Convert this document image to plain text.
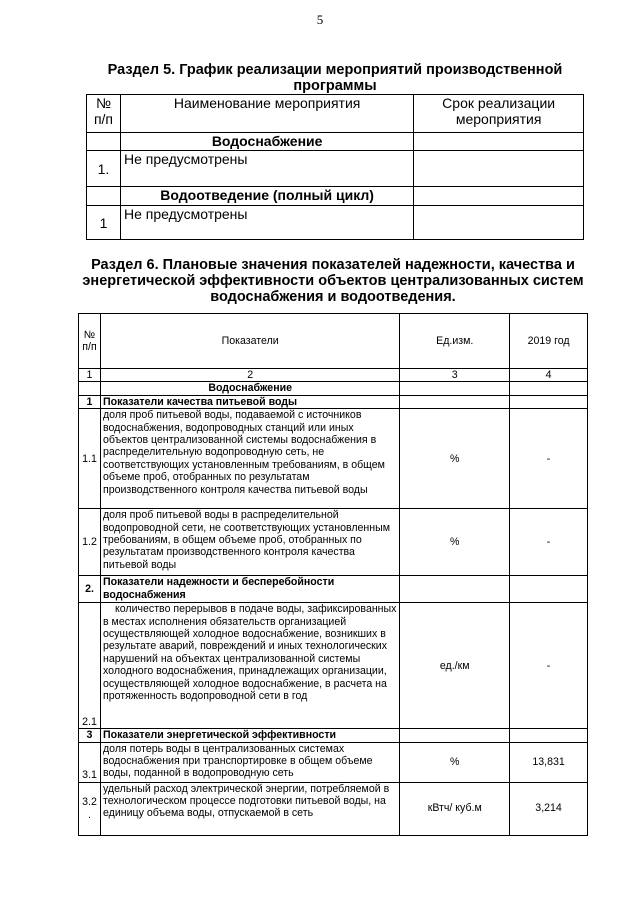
5
Раздел 5. График реализации мероприятий производственной программы
№ п/п	Наименование мероприятия	Срок реализации мероприятия
	Водоснабжение	
1.	Не предусмотрены	
	Водоотведение (полный цикл)	
1	Не предусмотрены	
Раздел 6. Плановые значения показателей надежности, качества и энергетической эффективности объектов централизованных систем водоснабжения и водоотведения.
№ п/п	Показатели	Ед.изм.	2019 год
1	2	3	4
	Водоснабжение		
1	Показатели качества питьевой воды		
1.1	доля проб питьевой воды, подаваемой с источников водоснабжения, водопроводных станций или иных объектов централизованной системы водоснабжения в распределительную водопроводную сеть, не соответствующих установленным требованиям, в общем объеме проб, отобранных по результатам производственного контроля качества питьевой воды	%	-
1.2	доля проб питьевой воды в распределительной водопроводной сети, не соответствующих установленным требованиям, в общем объеме проб, отобранных по результатам производственного контроля качества питьевой воды	%	-
2.	Показатели надежности и бесперебойности водоснабжения		
2.1	количество перерывов в подаче воды, зафиксированных в местах исполнения обязательств организацией осуществляющей холодное водоснабжение, возникших в результате аварий, повреждений и иных технологических нарушений на объектах централизованной системы холодного водоснабжения, принадлежащих организации, осуществляющей холодное водоснабжение, в расчета на протяженность водопроводной сети в год	ед./км	-
3	Показатели энергетической эффективности		
3.1	доля потерь воды в централизованных системах водоснабжения при транспортировке в общем объеме воды, поданной в водопроводную сеть	%	13,831
3.2 .	удельный расход электрической энергии, потребляемой в технологическом процессе подготовки питьевой воды, на единицу объема воды, отпускаемой в сеть	кВтч/ куб.м	3,214
